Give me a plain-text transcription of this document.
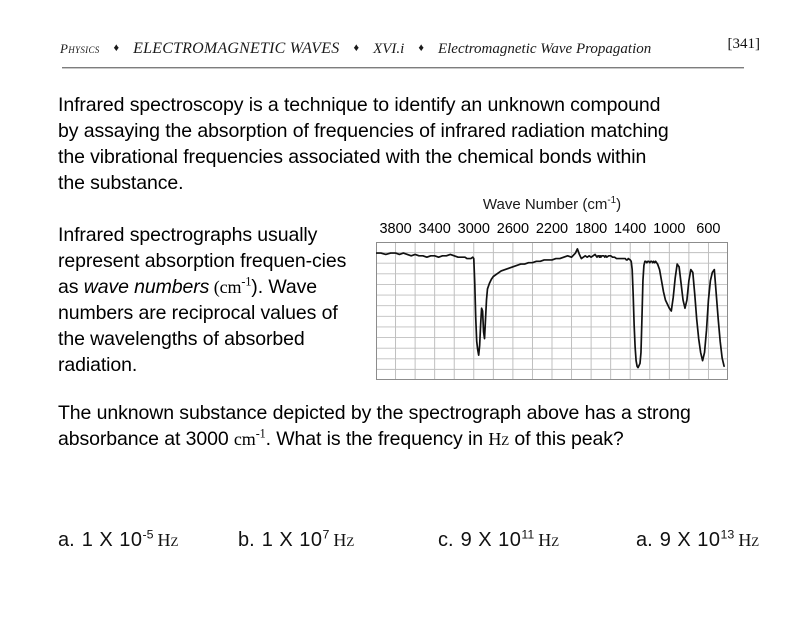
Physics	♦ ELECTROMAGNETIC WAVES	♦ XVI.i	♦ Electromagnetic Wave Propagation	[341]
Infrared spectroscopy is a technique to identify an unknown compound
by assaying the absorption of frequencies of infrared radiation matching
the vibrational frequencies associated with the chemical bonds within
the substance.
Infrared spectrographs usually represent absorption frequen-cies as wave numbers $(cm^{-1})$. Wave numbers are reciprocal values of the wavelengths of absorbed radiation.
Wave Number $(cm^{-1})$
3800 3400 3000 2600 2200 1800 1400 1000 600
The unknown substance depicted by the spectrograph above has a strong absorbance at 3000 $cm^{-1}$. What is the frequency in Hz of this peak?
a. 1 X $10^{-5}$ Hz	b. 1 X $10^7$ Hz	c. 9 X $10^{11}$ Hz	a. 9 X $10^{13}$ Hz
